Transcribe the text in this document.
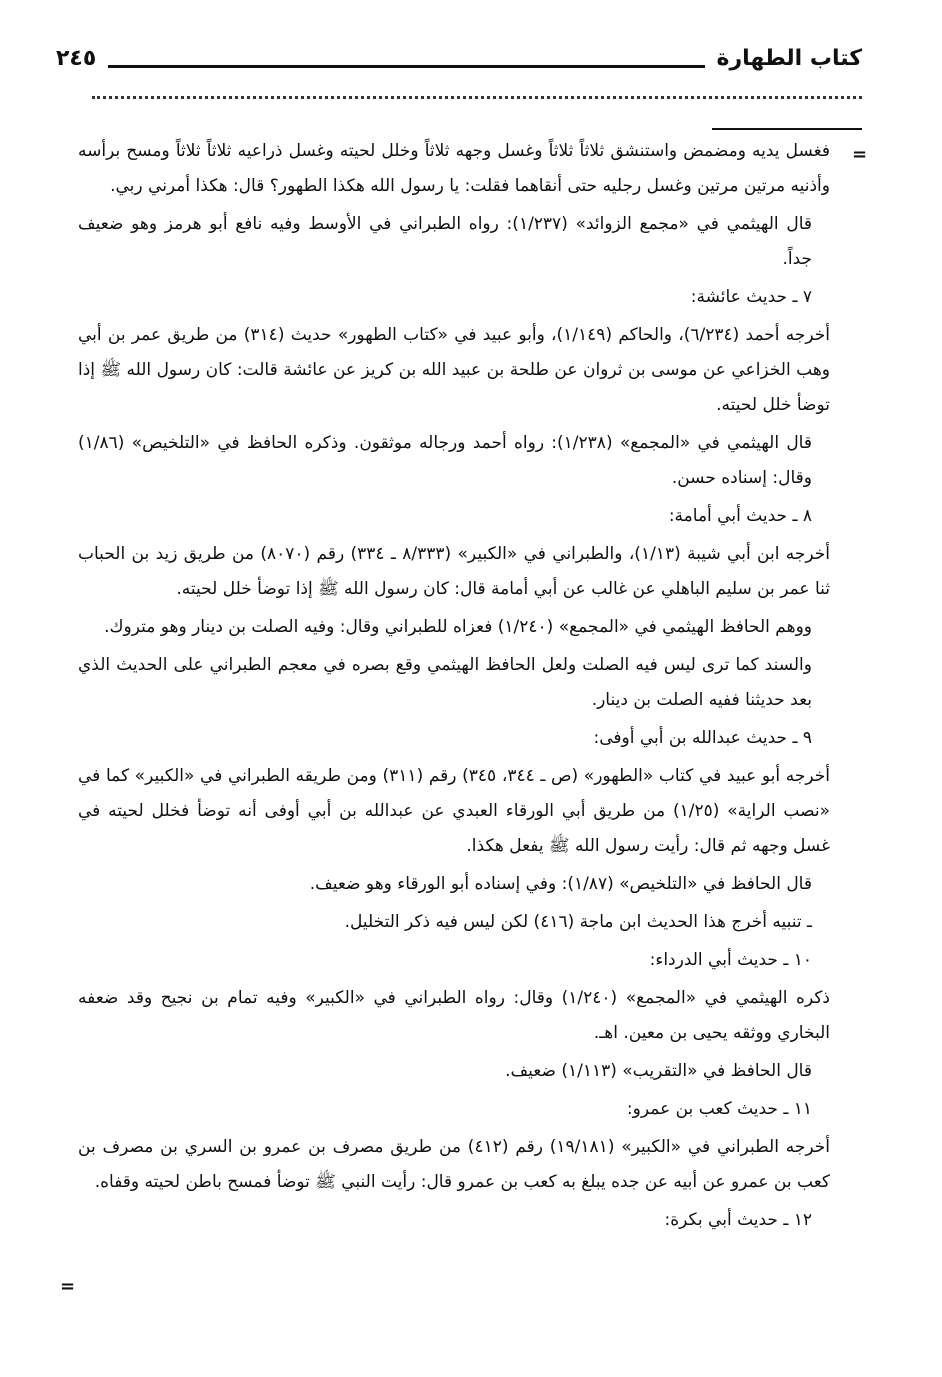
كتاب الطهارة
٢٤٥
=
=

فغسل يديه ومضمض واستنشق ثلاثاً ثلاثاً وغسل وجهه ثلاثاً وخلل لحيته وغسل ذراعيه ثلاثاً ثلاثاً ومسح برأسه وأذنيه مرتين مرتين وغسل رجليه حتى أنقاهما فقلت: يا رسول الله هكذا الطهور؟ قال: هكذا أمرني ربي.

قال الهيثمي في «مجمع الزوائد» (١/٢٣٧): رواه الطبراني في الأوسط وفيه نافع أبو هرمز وهو ضعيف جداً.

٧ ـ حديث عائشة:

أخرجه أحمد (٦/٢٣٤)، والحاكم (١/١٤٩)، وأبو عبيد في «كتاب الطهور» حديث (٣١٤) من طريق عمر بن أبي وهب الخزاعي عن موسى بن ثروان عن طلحة بن عبيد الله بن كريز عن عائشة قالت: كان رسول الله ﷺ إذا توضأ خلل لحيته.

قال الهيثمي في «المجمع» (١/٢٣٨): رواه أحمد ورجاله موثقون. وذكره الحافظ في «التلخيص» (١/٨٦) وقال: إسناده حسن.

٨ ـ حديث أبي أمامة:

أخرجه ابن أبي شيبة (١/١٣)، والطبراني في «الكبير» (٨/٣٣٣ ـ ٣٣٤) رقم (٨٠٧٠) من طريق زيد بن الحباب ثنا عمر بن سليم الباهلي عن غالب عن أبي أمامة قال: كان رسول الله ﷺ إذا توضأ خلل لحيته.

ووهم الحافظ الهيثمي في «المجمع» (١/٢٤٠) فعزاه للطبراني وقال: وفيه الصلت بن دينار وهو متروك.

والسند كما ترى ليس فيه الصلت ولعل الحافظ الهيثمي وقع بصره في معجم الطبراني على الحديث الذي بعد حديثنا ففيه الصلت بن دينار.

٩ ـ حديث عبدالله بن أبي أوفى:

أخرجه أبو عبيد في كتاب «الطهور» (ص ـ ٣٤٤، ٣٤٥) رقم (٣١١) ومن طريقه الطبراني في «الكبير» كما في «نصب الراية» (١/٢٥) من طريق أبي الورقاء العبدي عن عبدالله بن أبي أوفى أنه توضأ فخلل لحيته في غسل وجهه ثم قال: رأيت رسول الله ﷺ يفعل هكذا.

قال الحافظ في «التلخيص» (١/٨٧): وفي إسناده أبو الورقاء وهو ضعيف.

ـ تنبيه أخرج هذا الحديث ابن ماجة (٤١٦) لكن ليس فيه ذكر التخليل.

١٠ ـ حديث أبي الدرداء:

ذكره الهيثمي في «المجمع» (١/٢٤٠) وقال: رواه الطبراني في «الكبير» وفيه تمام بن نجيح وقد ضعفه البخاري ووثقه يحيى بن معين. اهـ.

قال الحافظ في «التقريب» (١/١١٣) ضعيف.

١١ ـ حديث كعب بن عمرو:

أخرجه الطبراني في «الكبير» (١٩/١٨١) رقم (٤١٢) من طريق مصرف بن عمرو بن السري بن مصرف بن كعب بن عمرو عن أبيه عن جده يبلغ به كعب بن عمرو قال: رأيت النبي ﷺ توضأ فمسح باطن لحيته وقفاه.

١٢ ـ حديث أبي بكرة:
